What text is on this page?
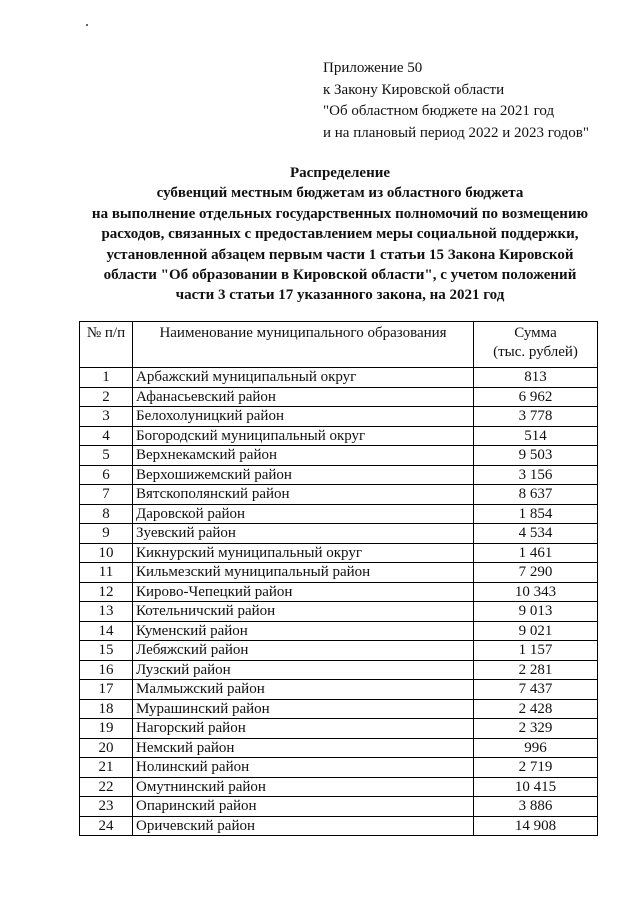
Приложение 50
к Закону Кировской области
"Об областном бюджете на 2021 год
и на плановый период 2022 и 2023 годов"
Распределение
субвенций местным бюджетам из областного бюджета
на выполнение отдельных государственных полномочий по возмещению
расходов, связанных с предоставлением меры социальной поддержки,
установленной абзацем первым части 1 статьи 15 Закона Кировской
области "Об образовании в Кировской области", с учетом положений
части 3 статьи 17 указанного закона, на 2021 год
№ п/п	Наименование муниципального образования	Сумма
(тыс. рублей)

1	Арбажский муниципальный округ	813
2	Афанасьевский район	6 962
3	Белохолуницкий район	3 778
4	Богородский муниципальный округ	514
5	Верхнекамский район	9 503
6	Верхошижемский район	3 156
7	Вятскополянский район	8 637
8	Даровской район	1 854
9	Зуевский район	4 534
10	Кикнурский муниципальный округ	1 461
11	Кильмезский муниципальный район	7 290
12	Кирово-Чепецкий район	10 343
13	Котельничский район	9 013
14	Куменский район	9 021
15	Лебяжский район	1 157
16	Лузский район	2 281
17	Малмыжский район	7 437
18	Мурашинский район	2 428
19	Нагорский район	2 329
20	Немский район	996
21	Нолинский район	2 719
22	Омутнинский район	10 415
23	Опаринский район	3 886
24	Оричевский район	14 908
